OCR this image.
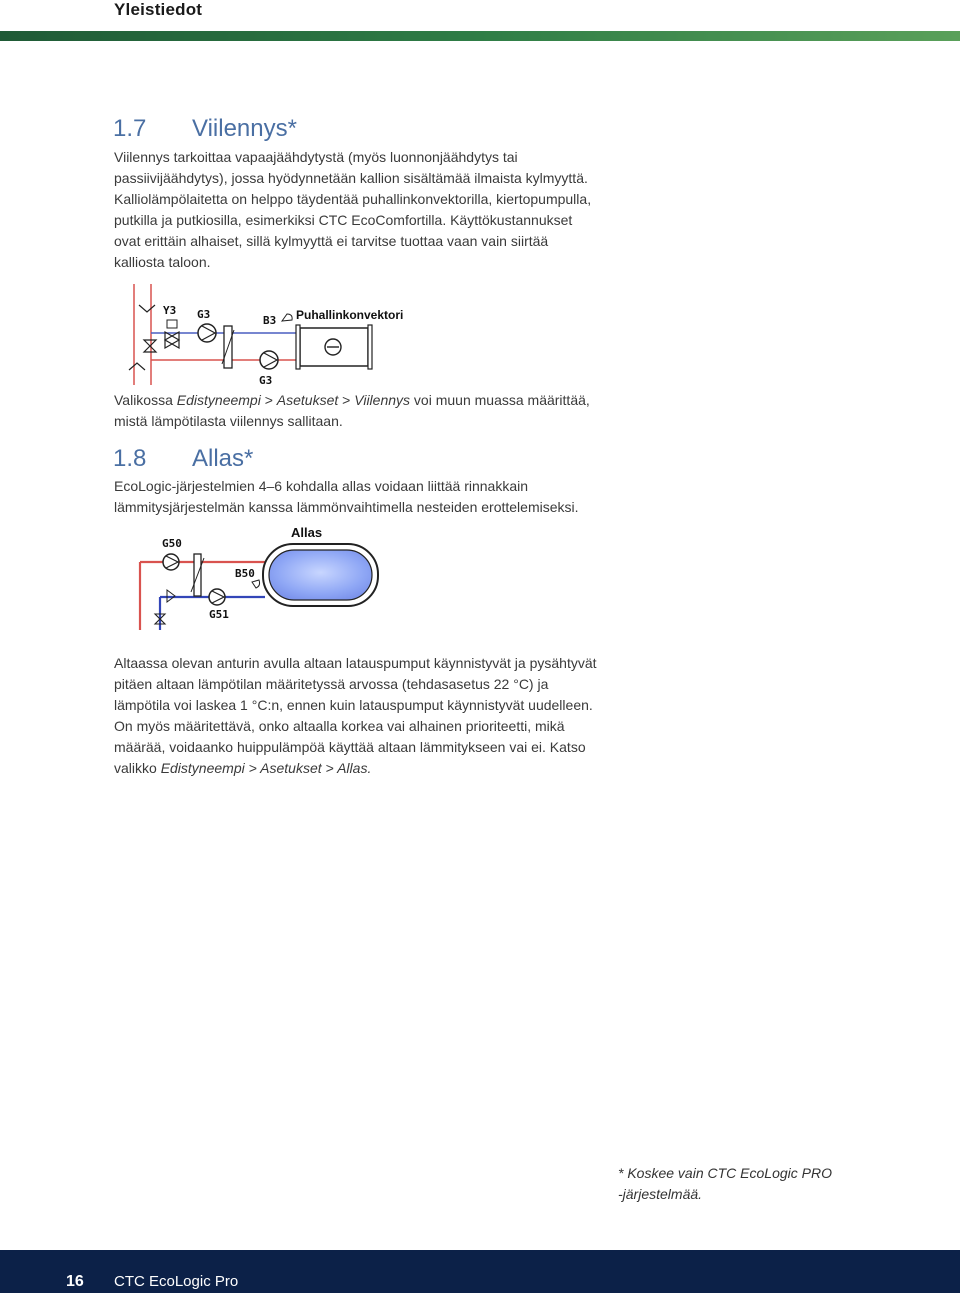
Yleistiedot
1.7 Viilennys*
Viilennys tarkoittaa vapaajäähdytystä (myös luonnonjäähdytys tai
passiivijäähdytys), jossa hyödynnetään kallion sisältämää ilmaista kylmyyttä.
Kalliolämpölaitetta on helppo täydentää puhallinkonvektorilla, kiertopumpulla,
putkilla ja putkiosilla, esimerkiksi CTC EcoComfortilla. Käyttökustannukset
ovat erittäin alhaiset, sillä kylmyyttä ei tarvitse tuottaa vaan vain siirtää
kalliosta taloon.
Y3 G3
G3
B3 Puhallinkonvektori
Valikossa Edistyneempi > Asetukset > Viilennys voi muun muassa määrittää,
mistä lämpötilasta viilennys sallitaan.
1.8 Allas*
EcoLogic-järjestelmien 4–6 kohdalla allas voidaan liittää rinnakkain
lämmitysjärjestelmän kanssa lämmönvaihtimella nesteiden erottelemiseksi.
G50
G51
B50
Allas
Altaassa olevan anturin avulla altaan latauspumput käynnistyvät ja pysähtyvät
pitäen altaan lämpötilan määritetyssä arvossa (tehdasasetus 22 °C) ja
lämpötila voi laskea 1 °C:n, ennen kuin latauspumput käynnistyvät uudelleen.
On myös määritettävä, onko altaalla korkea vai alhainen prioriteetti, mikä
määrää, voidaanko huippulämpöä käyttää altaan lämmitykseen vai ei. Katso
valikko Edistyneempi > Asetukset > Allas.
* Koskee vain CTC EcoLogic PRO
-järjestelmää.
16 CTC EcoLogic Pro
